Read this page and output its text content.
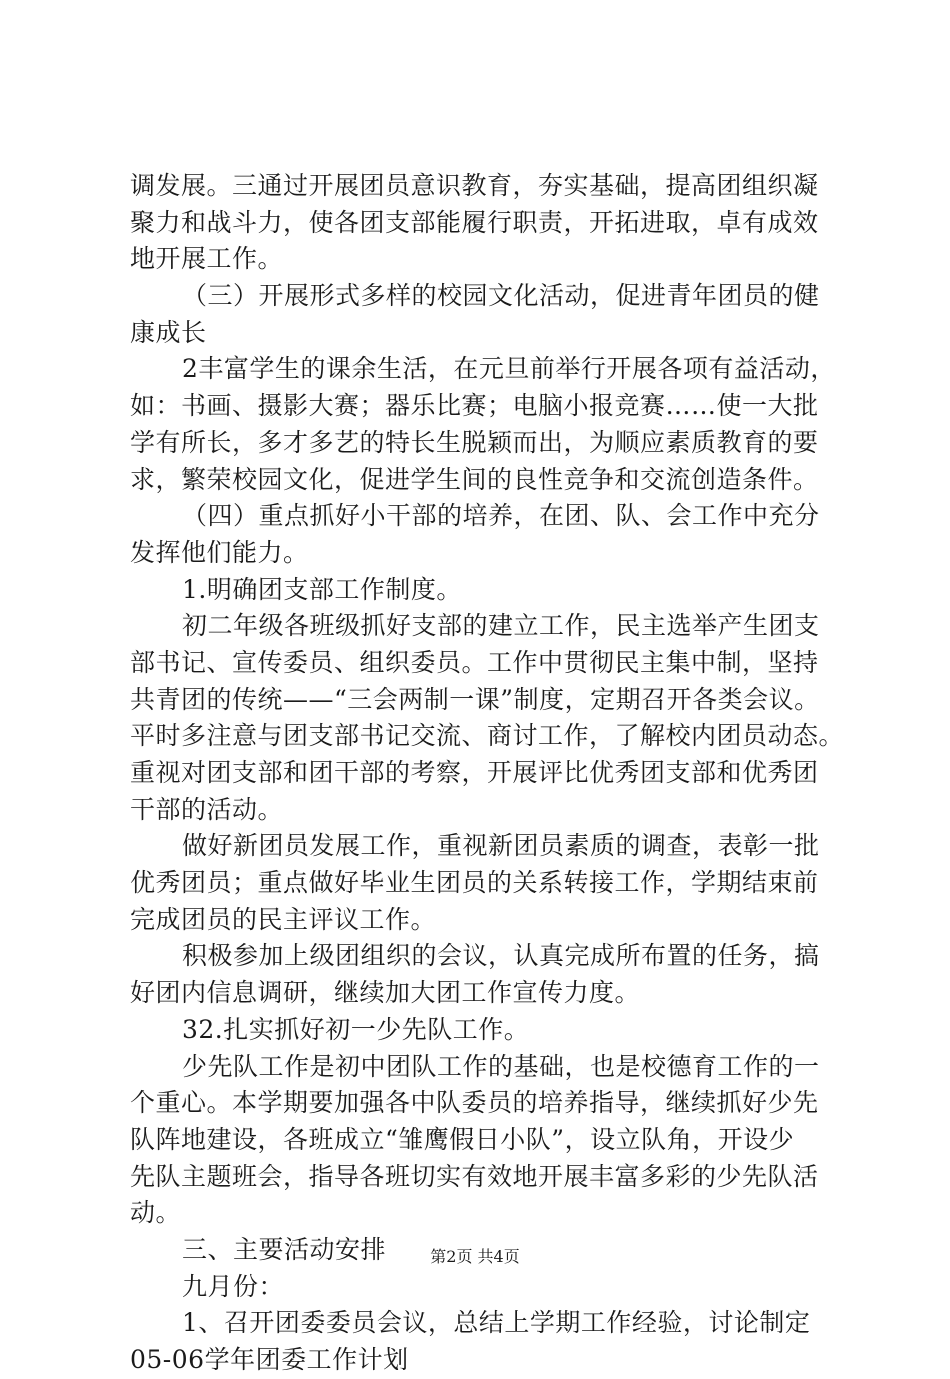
调发展。三通过开展团员意识教育，夯实基础，提高团组织凝
聚力和战斗力，使各团支部能履行职责，开拓进取，卓有成效
地开展工作。
（三）开展形式多样的校园文化活动，促进青年团员的健
康成长
2丰富学生的课余生活，在元旦前举行开展各项有益活动，
如：书画、摄影大赛；器乐比赛；电脑小报竞赛……使一大批
学有所长，多才多艺的特长生脱颖而出，为顺应素质教育的要
求，繁荣校园文化，促进学生间的良性竞争和交流创造条件。
（四）重点抓好小干部的培养，在团、队、会工作中充分
发挥他们能力。
1.明确团支部工作制度。
初二年级各班级抓好支部的建立工作，民主选举产生团支
部书记、宣传委员、组织委员。工作中贯彻民主集中制，坚持
共青团的传统——“三会两制一课”制度，定期召开各类会议。
平时多注意与团支部书记交流、商讨工作，了解校内团员动态。
重视对团支部和团干部的考察，开展评比优秀团支部和优秀团
干部的活动。
做好新团员发展工作，重视新团员素质的调查，表彰一批
优秀团员；重点做好毕业生团员的关系转接工作，学期结束前
完成团员的民主评议工作。
积极参加上级团组织的会议，认真完成所布置的任务，搞
好团内信息调研，继续加大团工作宣传力度。
32.扎实抓好初一少先队工作。
少先队工作是初中团队工作的基础，也是校德育工作的一
个重心。本学期要加强各中队委员的培养指导，继续抓好少先
队阵地建设，各班成立“雏鹰假日小队”，设立队角，开设少
先队主题班会，指导各班切实有效地开展丰富多彩的少先队活
动。
三、主要活动安排
九月份：
1、召开团委委员会议，总结上学期工作经验，讨论制定
05-06学年团委工作计划
第2页 共4页
